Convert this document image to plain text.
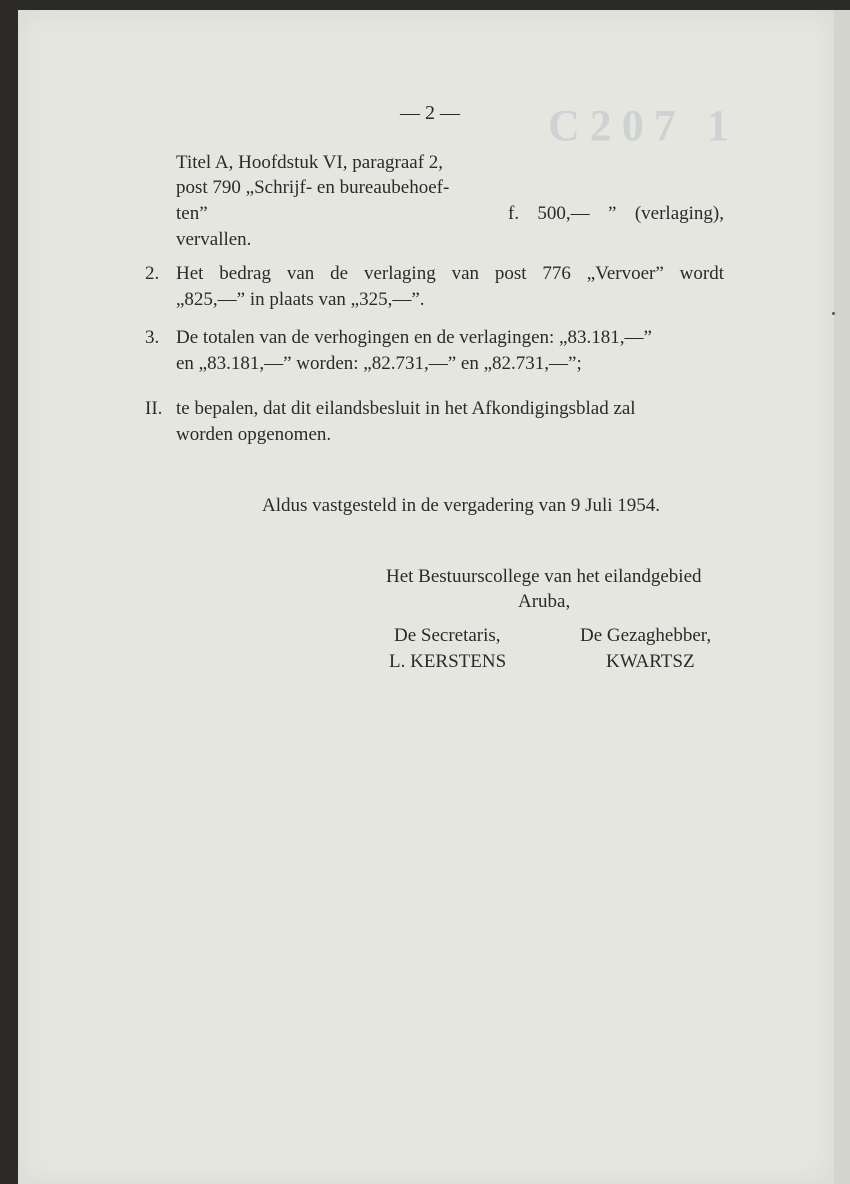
C207 1
— 2 —
Titel A, Hoofdstuk VI, paragraaf 2,
post 790 „Schrijf- en bureaubehoef-
ten”	f. 500,— ” (verlaging),
vervallen.
2. Het bedrag van de verlaging van post 776 „Vervoer” wordt
„825,—” in plaats van „325,—”.
3. De totalen van de verhogingen en de verlagingen: „83.181,—”
en „83.181,—” worden: „82.731,—” en „82.731,—”;
II. te bepalen, dat dit eilandsbesluit in het Afkondigingsblad zal
worden opgenomen.
Aldus vastgesteld in de vergadering van 9 Juli 1954.
Het Bestuurscollege van het eilandgebied
Aruba,
De Secretaris,
L. KERSTENS
De Gezaghebber,
KWARTSZ
